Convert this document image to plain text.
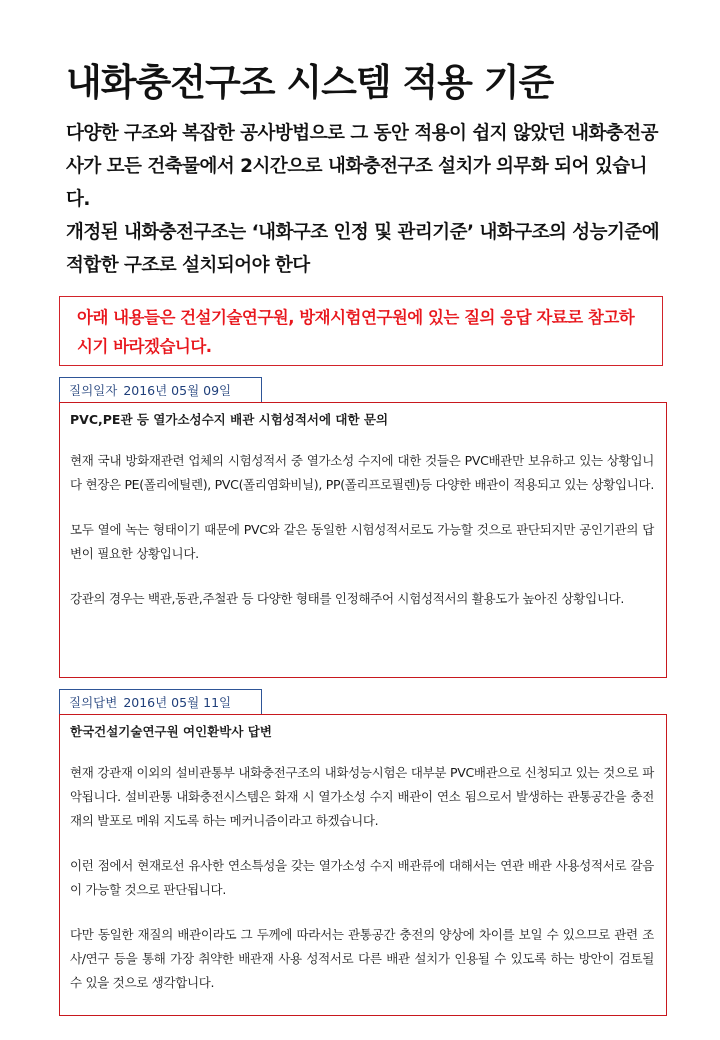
내화충전구조 시스템 적용 기준

다양한 구조와 복잡한 공사방법으로 그 동안 적용이 쉽지 않았던 내화충전공사가 모든 건축물에서 2시간으로 내화충전구조 설치가 의무화 되어 있습니다.

개정된 내화충전구조는 ‘내화구조 인정 및 관리기준’ 내화구조의 성능기준에 적합한 구조로 설치되어야 한다

아래 내용들은 건설기술연구원, 방재시험연구원에 있는 질의 응답 자료로 참고하시기 바라겠습니다.
질의일자 2016년 05월 09일

PVC,PE관 등 열가소성수지 배관 시험성적서에 대한 문의

현재 국내 방화재관련 업체의 시험성적서 중 열가소성 수지에 대한 것들은 PVC배관만 보유하고 있는 상황입니다 현장은 PE(폴리에틸렌), PVC(폴리염화비닐), PP(폴리프로필렌)등 다양한 배관이 적용되고 있는 상황입니다.

모두 열에 녹는 형태이기 때문에 PVC와 같은 동일한 시험성적서로도 가능할 것으로 판단되지만 공인기관의 답변이 필요한 상황입니다.

강관의 경우는 백관,동관,주철관 등 다양한 형태를 인정해주어 시험성적서의 활용도가 높아진 상황입니다.

질의답변 2016년 05월 11일

한국건설기술연구원 여인환박사 답변

현재 강관재 이외의 설비관통부 내화충전구조의 내화성능시험은 대부분 PVC배관으로 신청되고 있는 것으로 파악됩니다. 설비관통 내화충전시스템은 화재 시 열가소성 수지 배관이 연소 됨으로서 발생하는 관통공간을 충전재의 발포로 메워 지도록 하는 메커니즘이라고 하겠습니다.

이런 점에서 현재로선 유사한 연소특성을 갖는 열가소성 수지 배관류에 대해서는 연관 배관 사용성적서로 갈음이 가능할 것으로 판단됩니다.

다만 동일한 재질의 배관이라도 그 두께에 따라서는 관통공간 충전의 양상에 차이를 보일 수 있으므로 관련 조사/연구 등을 통해 가장 취약한 배관재 사용 성적서로 다른 배관 설치가 인용될 수 있도록 하는 방안이 검토될 수 있을 것으로 생각합니다.
